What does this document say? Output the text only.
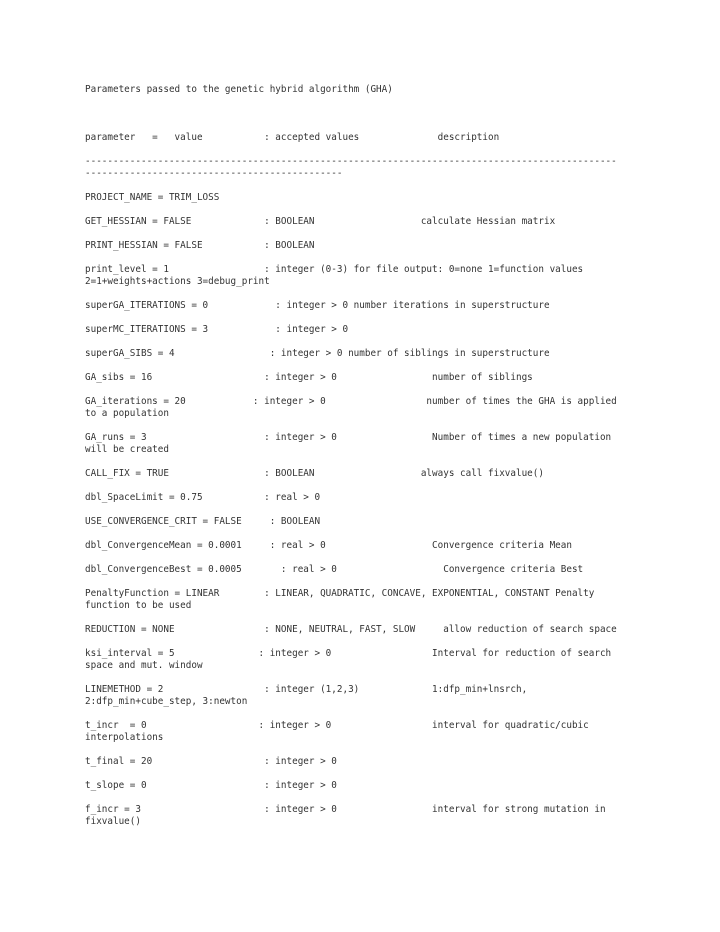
Parameters passed to the genetic hybrid algorithm (GHA)
parameter   =   value           : accepted values              description
-----------------------------------------------------------------------------------------------
----------------------------------------------
PROJECT_NAME = TRIM_LOSS
GET_HESSIAN = FALSE             : BOOLEAN                   calculate Hessian matrix
PRINT_HESSIAN = FALSE           : BOOLEAN
print_level = 1                 : integer (0-3) for file output: 0=none 1=function values
2=1+weights+actions 3=debug_print
superGA_ITERATIONS = 0            : integer > 0 number iterations in superstructure
superMC_ITERATIONS = 3            : integer > 0
superGA_SIBS = 4                 : integer > 0 number of siblings in superstructure
GA_sibs = 16                    : integer > 0                 number of siblings
GA_iterations = 20            : integer > 0                  number of times the GHA is applied
to a population
GA_runs = 3                     : integer > 0                 Number of times a new population
will be created
CALL_FIX = TRUE                 : BOOLEAN                   always call fixvalue()
dbl_SpaceLimit = 0.75           : real > 0
USE_CONVERGENCE_CRIT = FALSE     : BOOLEAN
dbl_ConvergenceMean = 0.0001     : real > 0                   Convergence criteria Mean
dbl_ConvergenceBest = 0.0005       : real > 0                   Convergence criteria Best
PenaltyFunction = LINEAR        : LINEAR, QUADRATIC, CONCAVE, EXPONENTIAL, CONSTANT Penalty
function to be used
REDUCTION = NONE                : NONE, NEUTRAL, FAST, SLOW     allow reduction of search space
ksi_interval = 5               : integer > 0                  Interval for reduction of search
space and mut. window
LINEMETHOD = 2                  : integer (1,2,3)             1:dfp_min+lnsrch,
2:dfp_min+cube_step, 3:newton
t_incr  = 0                    : integer > 0                  interval for quadratic/cubic
interpolations
t_final = 20                    : integer > 0
t_slope = 0                     : integer > 0
f_incr = 3                      : integer > 0                 interval for strong mutation in
fixvalue()
